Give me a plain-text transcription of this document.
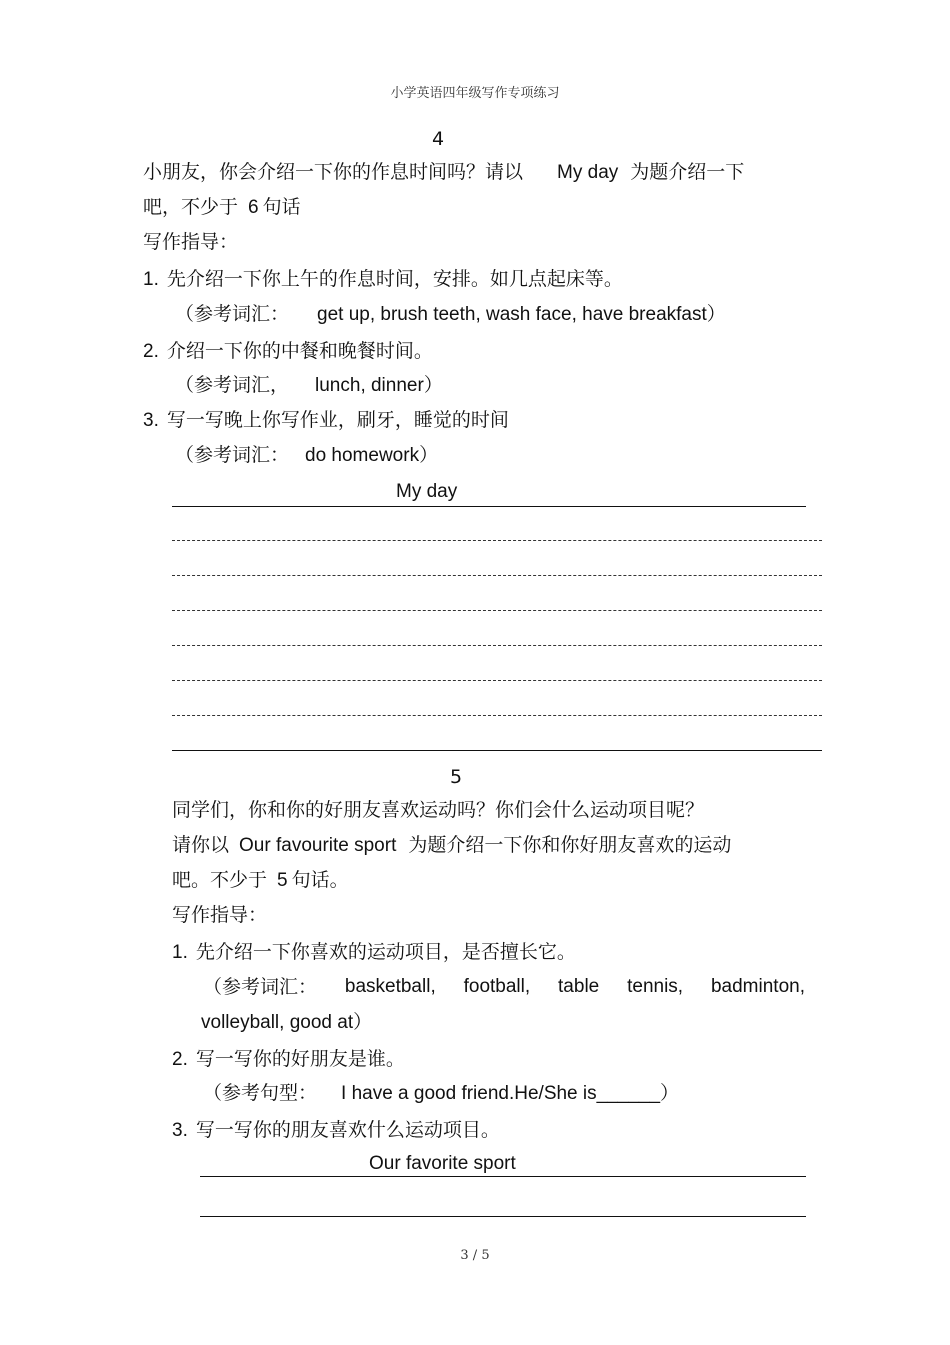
小学英语四年级写作专项练习
4
小朋友，你会介绍一下你的作息时间吗？请以 My day 为题介绍一下
吧，不少于 6 句话
写作指导：
1. 先介绍一下你上午的作息时间，安排。如几点起床等。
（参考词汇： get up, brush teeth, wash face, have breakfast）
2. 介绍一下你的中餐和晚餐时间。
（参考词汇， lunch, dinner）
3. 写一写晚上你写作业，刷牙，睡觉的时间
（参考词汇： do homework）
My day
5
同学们，你和你的好朋友喜欢运动吗？你们会什么运动项目呢？
请你以 Our favourite sport 为题介绍一下你和你好朋友喜欢的运动
吧。不少于 5 句话。
写作指导：
1. 先介绍一下你喜欢的运动项目，是否擅长它。
（参考词汇： basketball, football, table tennis, badminton,
volleyball, good at）
2. 写一写你的好朋友是谁。
（参考句型： I have a good friend.He/She is______）
3. 写一写你的朋友喜欢什么运动项目。
Our favorite sport
3 / 5
